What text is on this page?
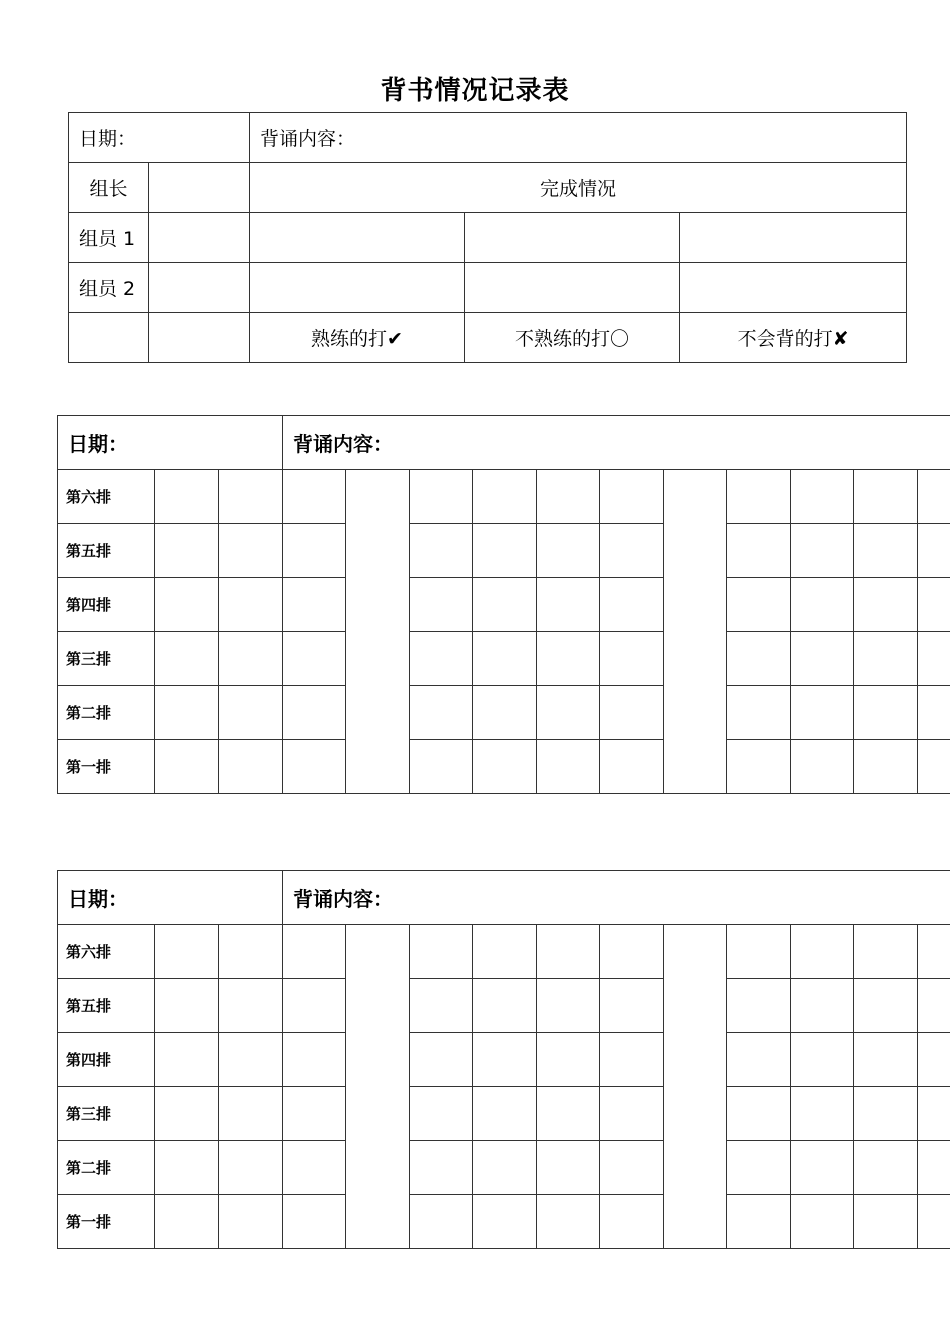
背书情况记录表
日期：		背诵内容：		
组长		完成情况		
组员 1				
组员 2				
		熟练的打✔	不熟练的打〇	不会背的打✘
日期：			背诵内容：										
第六排													
第五排													
第四排													
第三排													
第二排													
第一排													
日期：			背诵内容：										
第六排													
第五排													
第四排													
第三排													
第二排													
第一排													
